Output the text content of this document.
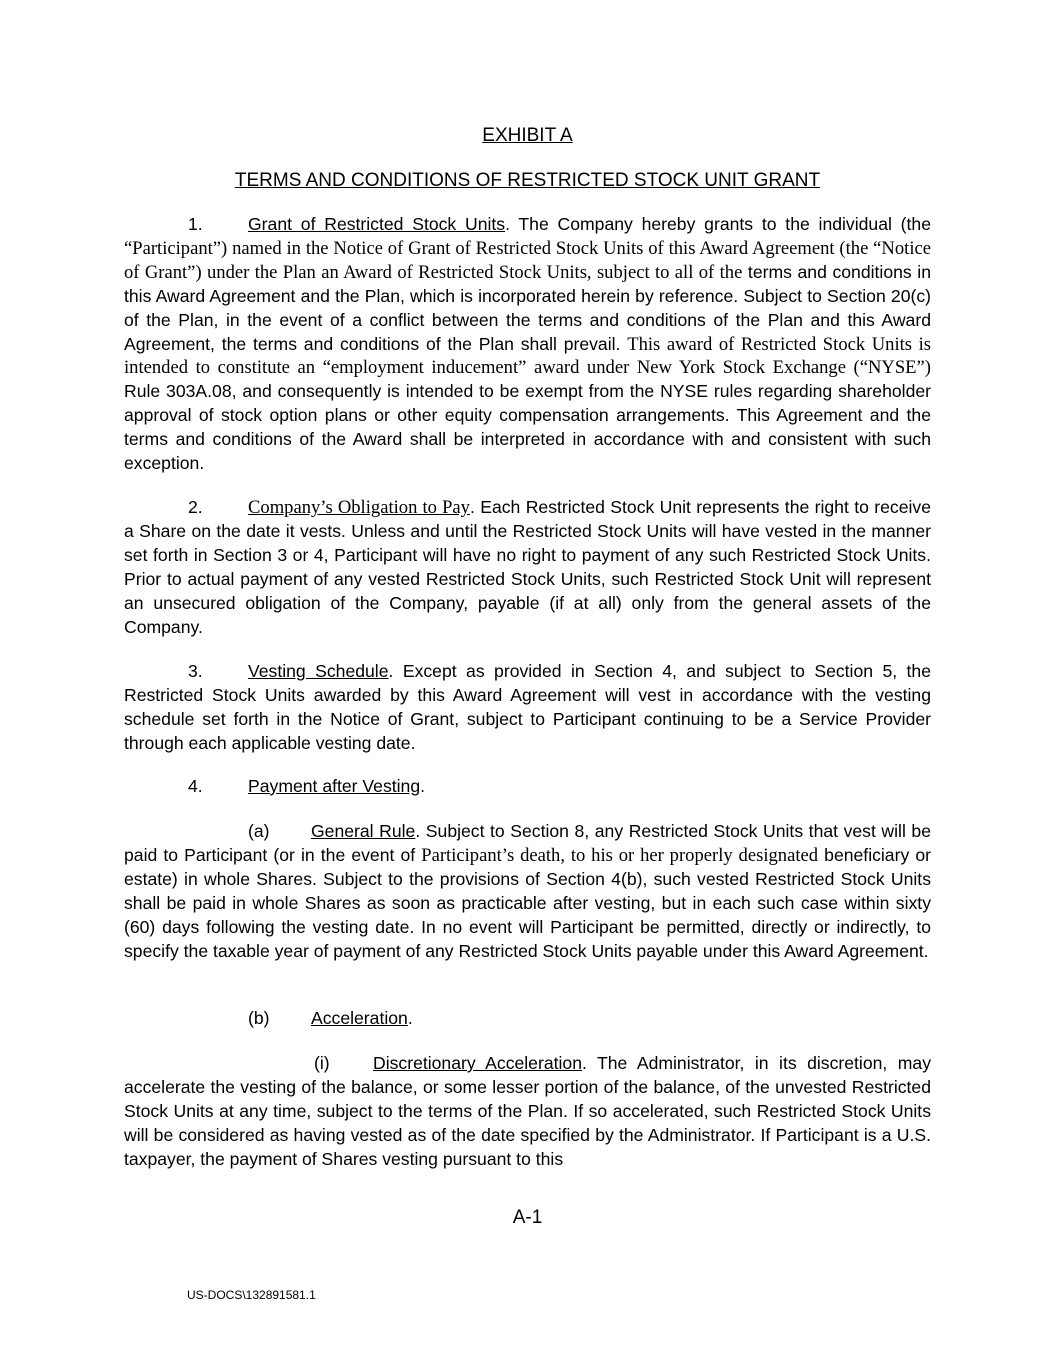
EXHIBIT A
TERMS AND CONDITIONS OF RESTRICTED STOCK UNIT GRANT

1.	Grant of Restricted Stock Units. The Company hereby grants to the individual (the “Participant”) named in the Notice of Grant of Restricted Stock Units of this Award Agreement (the “Notice of Grant”) under the Plan an Award of Restricted Stock Units, subject to all of the terms and conditions in this Award Agreement and the Plan, which is incorporated herein by reference. Subject to Section 20(c) of the Plan, in the event of a conflict between the terms and conditions of the Plan and this Award Agreement, the terms and conditions of the Plan shall prevail. This award of Restricted Stock Units is intended to constitute an “employment inducement” award under New York Stock Exchange (“NYSE”) Rule 303A.08, and consequently is intended to be exempt from the NYSE rules regarding shareholder approval of stock option plans or other equity compensation arrangements. This Agreement and the terms and conditions of the Award shall be interpreted in accordance with and consistent with such exception.

2. Company’s Obligation to Pay. Each Restricted Stock Unit represents the right to receive a Share on the date it vests. Unless and until the Restricted Stock Units will have vested in the manner set forth in Section 3 or 4, Participant will have no right to payment of any such Restricted Stock Units. Prior to actual payment of any vested Restricted Stock Units, such Restricted Stock Unit will represent an unsecured obligation of the Company, payable (if at all) only from the general assets of the Company.

3.	Vesting Schedule. Except as provided in Section 4, and subject to Section 5, the Restricted Stock Units awarded by this Award Agreement will vest in accordance with the vesting schedule set forth in the Notice of Grant, subject to Participant continuing to be a Service Provider through each applicable vesting date.

4.	Payment after Vesting.

(a) General Rule. Subject to Section 8, any Restricted Stock Units that vest will be paid to Participant (or in the event of Participant’s death, to his or her properly designated beneficiary or estate) in whole Shares. Subject to the provisions of Section 4(b), such vested Restricted Stock Units shall be paid in whole Shares as soon as practicable after vesting, but in each such case within sixty (60) days following the vesting date. In no event will Participant be permitted, directly or indirectly, to specify the taxable year of payment of any Restricted Stock Units payable under this Award Agreement.

(b) Acceleration.

(i) Discretionary Acceleration. The Administrator, in its discretion, may accelerate the vesting of the balance, or some lesser portion of the balance, of the unvested Restricted Stock Units at any time, subject to the terms of the Plan. If so accelerated, such Restricted Stock Units will be considered as having vested as of the date specified by the Administrator. If Participant is a U.S. taxpayer, the payment of Shares vesting pursuant to this

A-1
US-DOCS\132891581.1
